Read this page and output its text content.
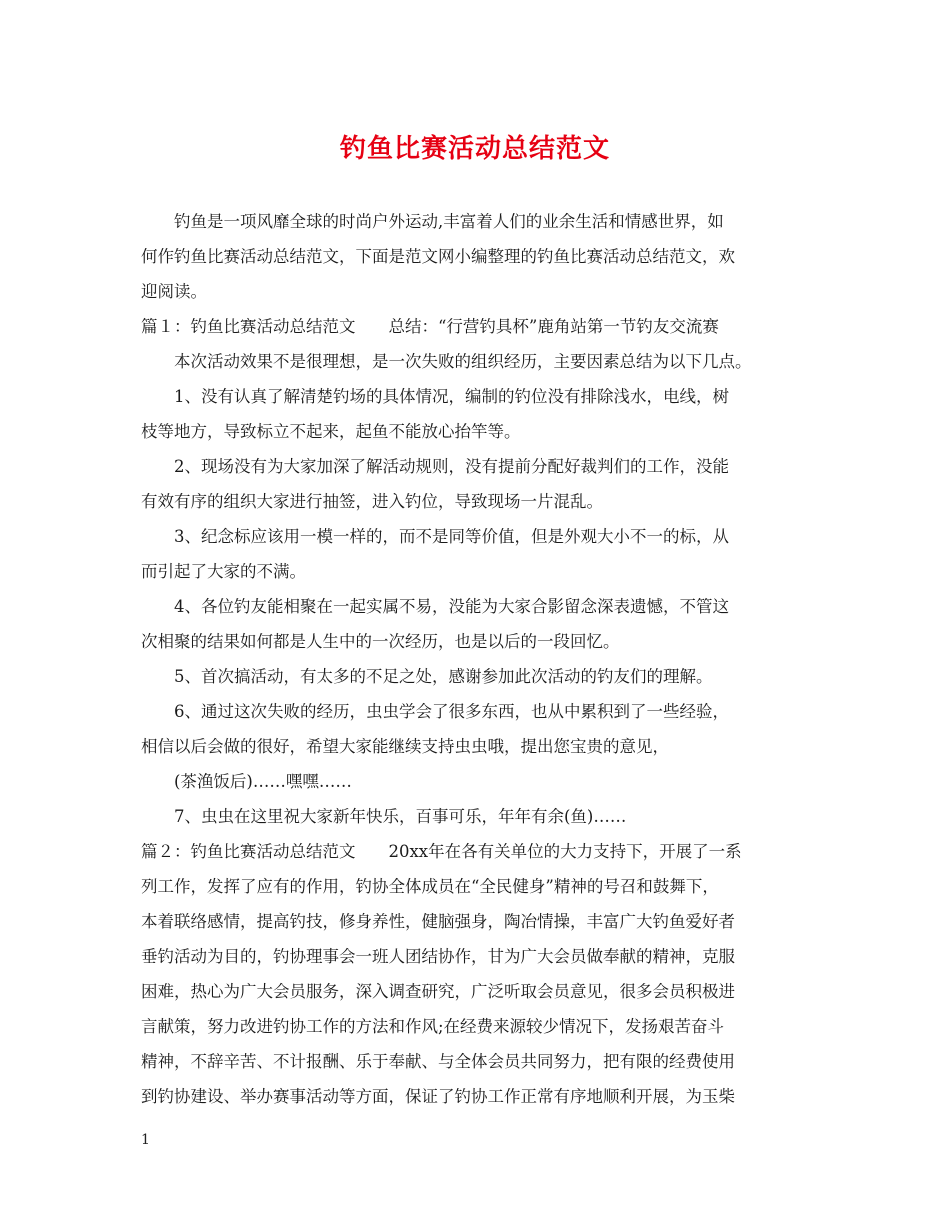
钓鱼比赛活动总结范文
钓鱼是一项风靡全球的时尚户外运动,丰富着人们的业余生活和情感世界，如
何作钓鱼比赛活动总结范文，下面是范文网小编整理的钓鱼比赛活动总结范文，欢
迎阅读。
篇１：钓鱼比赛活动总结范文　　总结：“行营钓具杯”鹿角站第一节钓友交流赛
本次活动效果不是很理想，是一次失败的组织经历，主要因素总结为以下几点。
1、没有认真了解清楚钓场的具体情况，编制的钓位没有排除浅水，电线，树
枝等地方，导致标立不起来，起鱼不能放心抬竿等。
2、现场没有为大家加深了解活动规则，没有提前分配好裁判们的工作，没能
有效有序的组织大家进行抽签，进入钓位，导致现场一片混乱。
3、纪念标应该用一模一样的，而不是同等价值，但是外观大小不一的标，从
而引起了大家的不满。
4、各位钓友能相聚在一起实属不易，没能为大家合影留念深表遗憾，不管这
次相聚的结果如何都是人生中的一次经历，也是以后的一段回忆。
5、首次搞活动，有太多的不足之处，感谢参加此次活动的钓友们的理解。
6、通过这次失败的经历，虫虫学会了很多东西，也从中累积到了一些经验，
相信以后会做的很好，希望大家能继续支持虫虫哦，提出您宝贵的意见，
(茶渔饭后)……嘿嘿……
7、虫虫在这里祝大家新年快乐，百事可乐，年年有余(鱼)……
篇２：钓鱼比赛活动总结范文　　20xx年在各有关单位的大力支持下，开展了一系
列工作，发挥了应有的作用，钓协全体成员在“全民健身”精神的号召和鼓舞下，
本着联络感情，提高钓技，修身养性，健脑强身，陶冶情操，丰富广大钓鱼爱好者
垂钓活动为目的，钓协理事会一班人团结协作，甘为广大会员做奉献的精神，克服
困难，热心为广大会员服务，深入调查研究，广泛听取会员意见，很多会员积极进
言献策，努力改进钓协工作的方法和作风;在经费来源较少情况下，发扬艰苦奋斗
精神，不辞辛苦、不计报酬、乐于奉献、与全体会员共同努力，把有限的经费使用
到钓协建设、举办赛事活动等方面，保证了钓协工作正常有序地顺利开展，为玉柴
1
